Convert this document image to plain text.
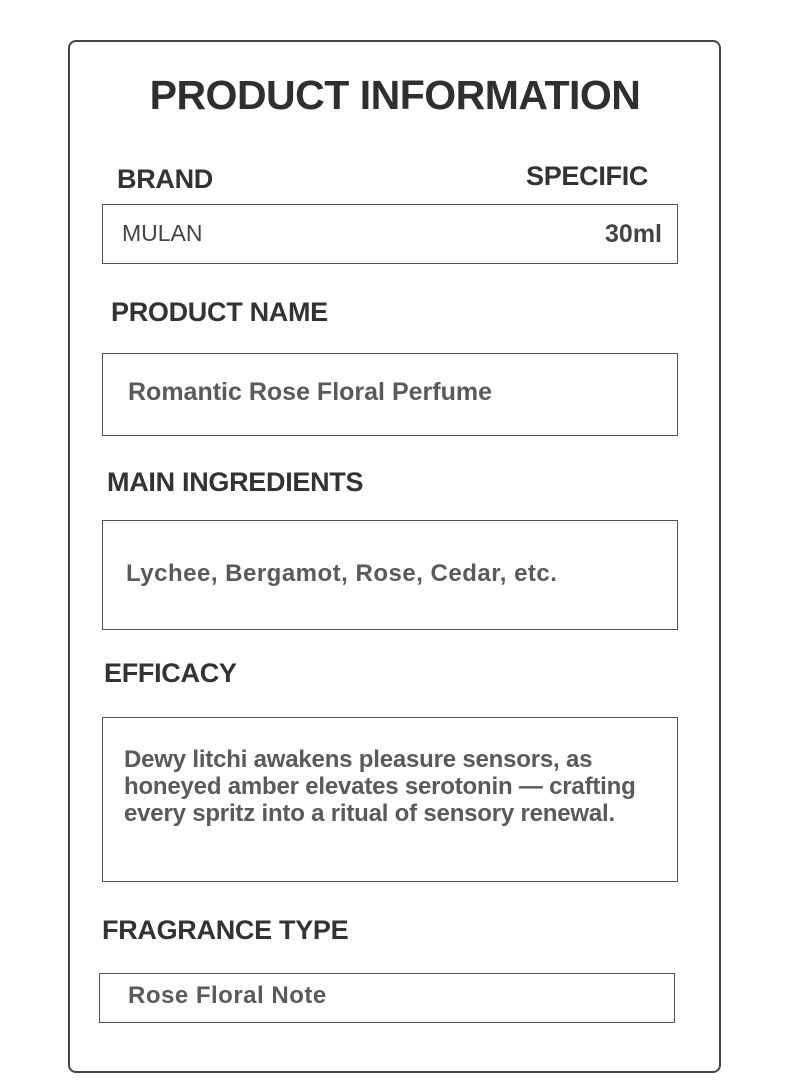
PRODUCT INFORMATION
BRAND	SPECIFIC
MULAN	30ml
PRODUCT NAME
Romantic Rose Floral Perfume
MAIN INGREDIENTS
Lychee, Bergamot, Rose, Cedar, etc.
EFFICACY
Dewy litchi awakens pleasure sensors, as honeyed amber elevates serotonin — crafting every spritz into a ritual of sensory renewal.
FRAGRANCE TYPE
Rose Floral Note
